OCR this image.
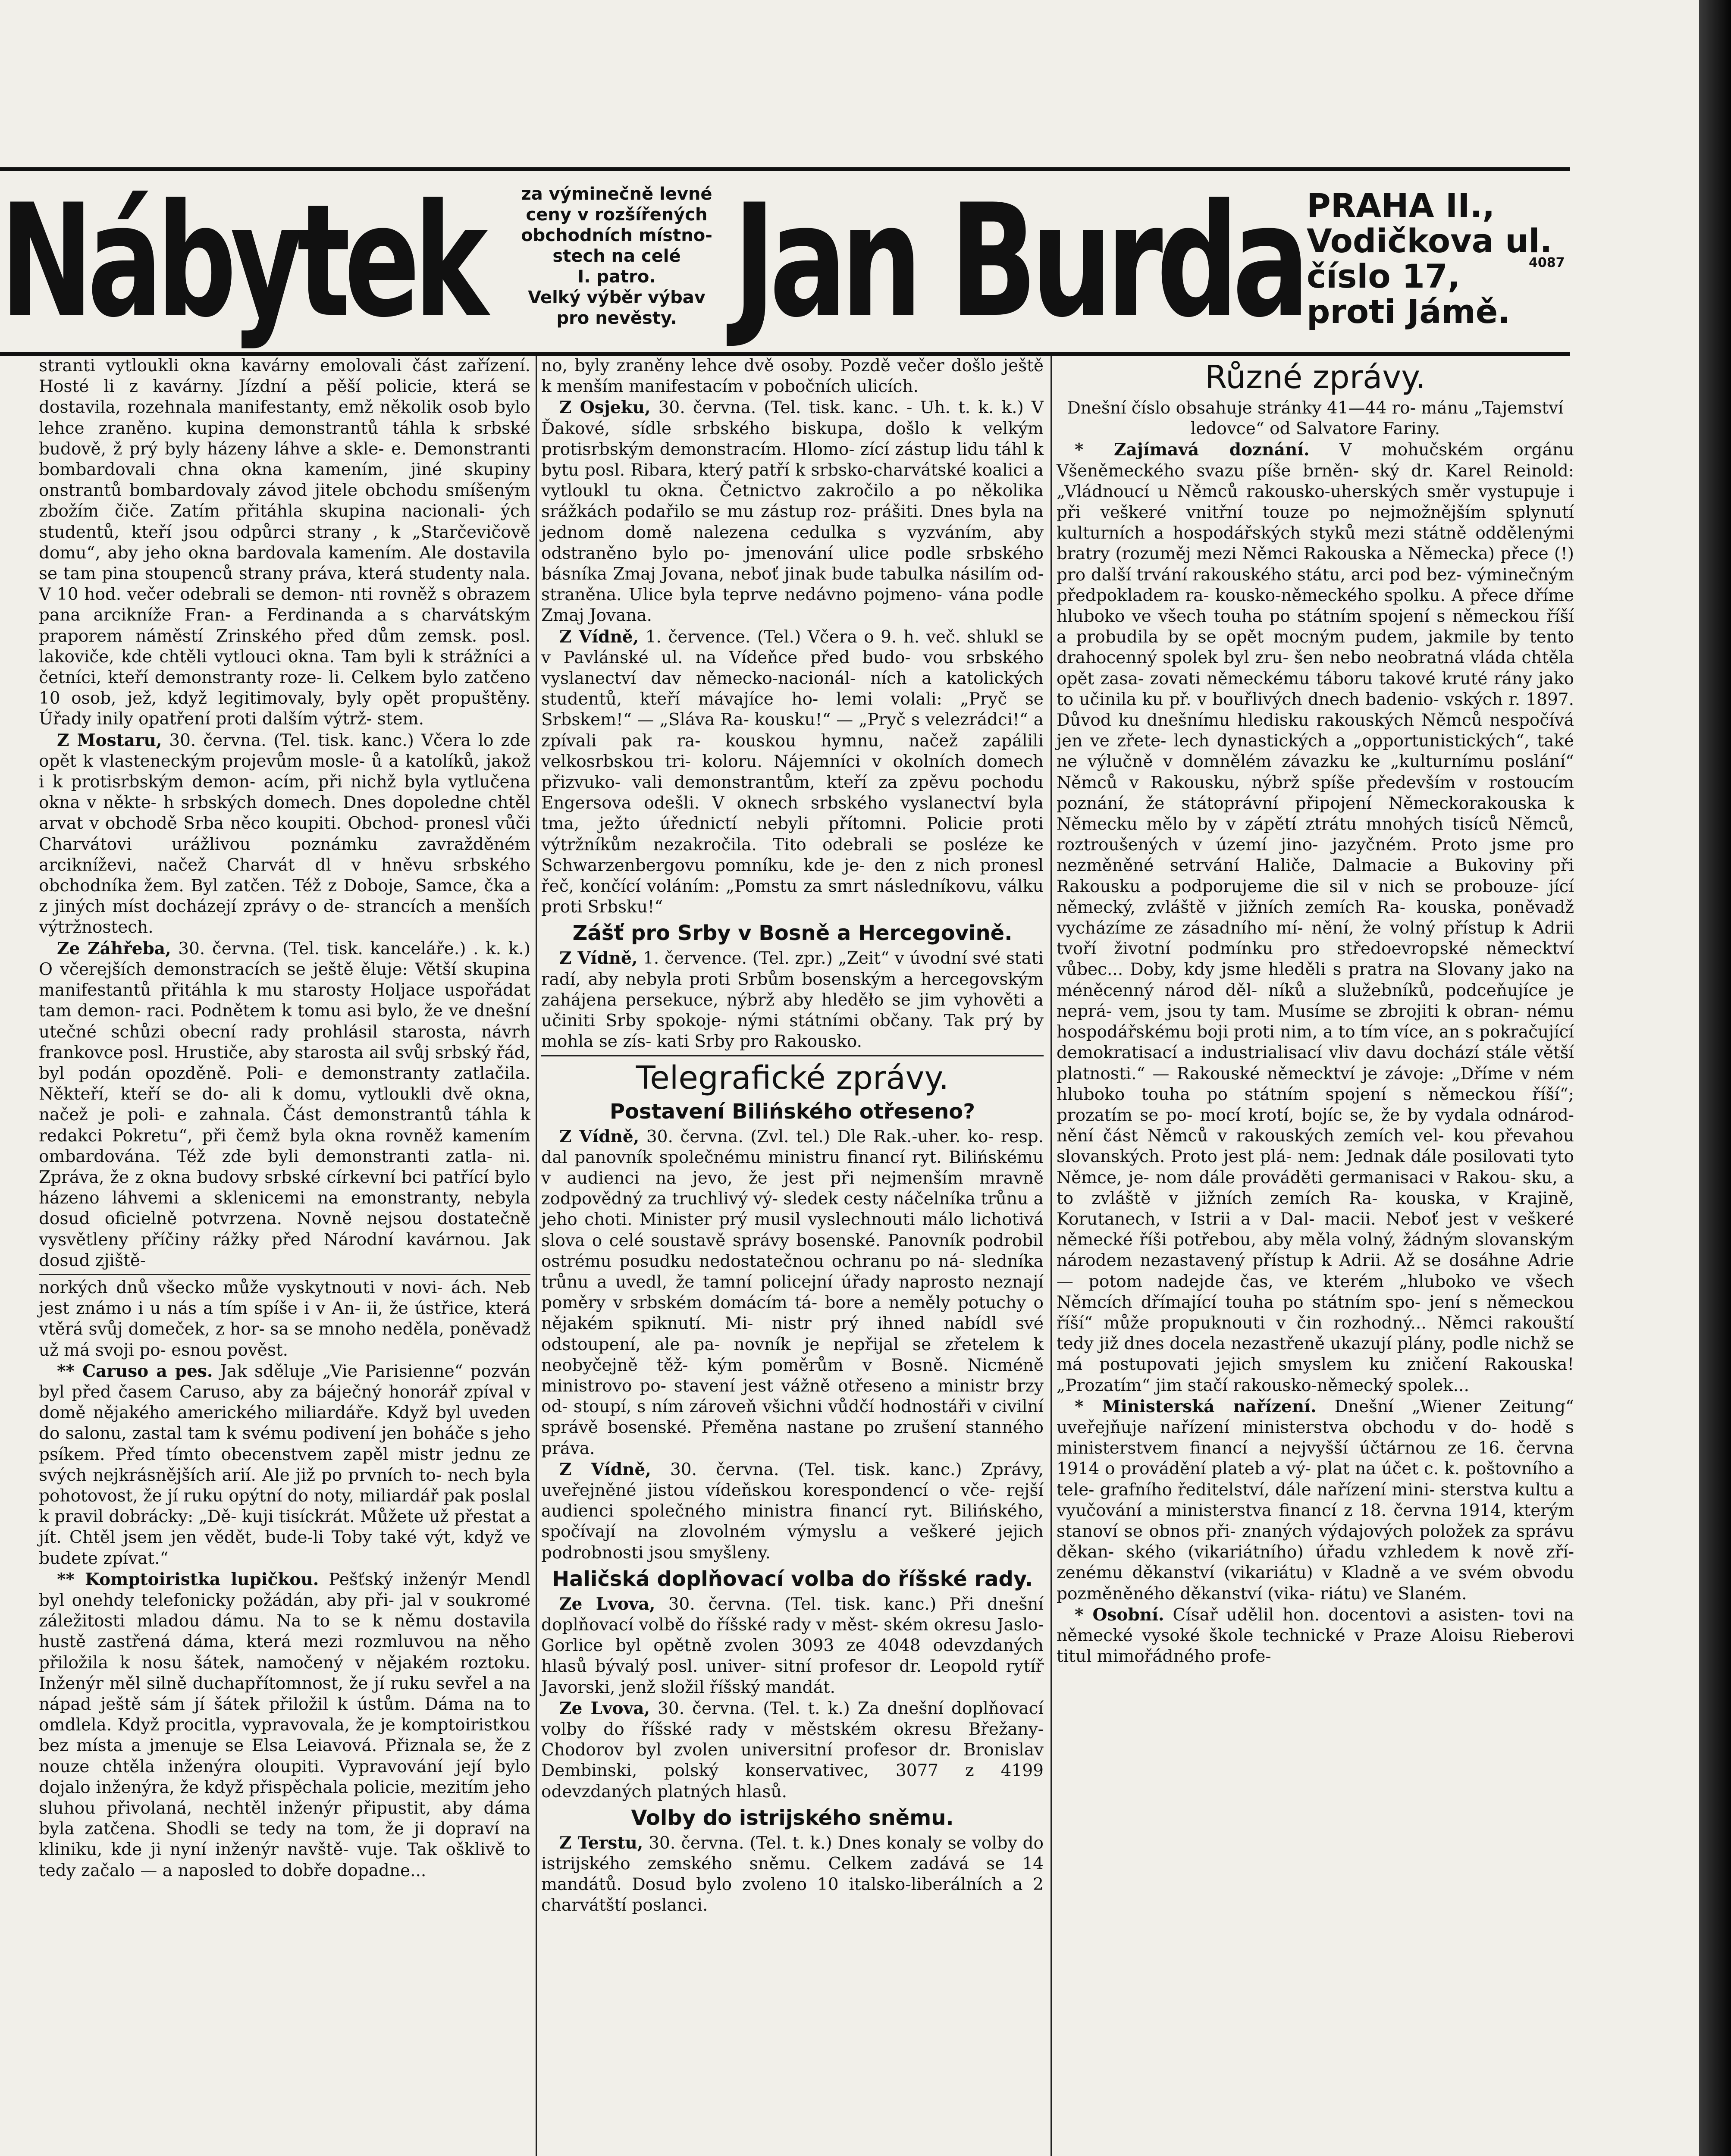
Nábytek	za výminečně levné
ceny v rozšířených
obchodních místno-
stech na celé
I. patro.
Velký výběr výbav
pro nevěsty. Jan Burda PRAHA II.,
Vodičkova ul.
číslo 17,
proti Jámě.
4087

stranti vytloukli okna kavárny emolovali část zařízení. Hosté li z kavárny. Jízdní a pěší policie, která se dostavila, rozehnala manifestanty, emž několik osob bylo lehce zraněno. kupina demonstrantů táhla k srbské budově, ž prý byly házeny láhve a skle- e. Demonstranti bombardovali chna okna kamením, jiné skupiny onstrantů bombardovaly závod jitele obchodu smíšeným zbožím čiče. Zatím přitáhla skupina nacionali- ých studentů, kteří jsou odpůrci strany , k „Starčevičově domu“, aby jeho okna bardovala kamením. Ale dostavila se tam pina stoupenců strany práva, která studenty nala. V 10 hod. večer odebrali se demon- nti rovněž s obrazem pana arcikníže Fran- a Ferdinanda a s charvátským praporem náměstí Zrinského před dům zemsk. posl. lakoviče, kde chtěli vytlouci okna. Tam byli k strážníci a četníci, kteří demonstranty roze- li. Celkem bylo zatčeno 10 osob, jež, když legitimovaly, byly opět propuštěny. Úřady inily opatření proti dalším výtrž- stem.

Z Mostaru, 30. června. (Tel. tisk. kanc.) Včera lo zde opět k vlasteneckým projevům mosle- ů a katolíků, jakož i k protisrbským demon- acím, při nichž byla vytlučena okna v někte- h srbských domech. Dnes dopoledne chtěl arvat v obchodě Srba něco koupiti. Obchod- pronesl vůči Charvátovi urážlivou poznámku zavražděném arcikníževi, načež Charvát dl v hněvu srbského obchodníka žem. Byl zatčen. Též z Doboje, Samce, čka a z jiných míst docházejí zprávy o de- strancích a menších výtržnostech.

Ze Záhřeba, 30. června. (Tel. tisk. kanceláře.) . k. k.) O včerejších demonstracích se ještě ěluje: Větší skupina manifestantů přitáhla k mu starosty Holjace uspořádat tam demon- raci. Podnětem k tomu asi bylo, že ve dnešní utečné schůzi obecní rady prohlásil starosta, návrh frankovce posl. Hrustiče, aby starosta ail svůj srbský řád, byl podán opozděně. Poli- e demonstranty zatlačila. Někteří, kteří se do- ali k domu, vytloukli dvě okna, načež je poli- e zahnala. Část demonstrantů táhla k redakci Pokretu“, při čemž byla okna rovněž kamením ombardována. Též zde byli demonstranti zatla- ni. Zpráva, že z okna budovy srbské církevní bci patřící bylo házeno láhvemi a sklenicemi na emonstranty, nebyla dosud oficielně potvrzena. Novně nejsou dostatečně vysvětleny příčiny rážky před Národní kavárnou. Jak dosud zjiště-

norkých dnů všecko může vyskytnouti v novi- ách. Neb jest známo i u nás a tím spíše i v An- ii, že ústřice, která vtěrá svůj domeček, z hor- sa se mnoho neděla, poněvadž už má svoji po- esnou pověst.

** Caruso a pes. Jak sděluje „Vie Parisienne“ pozván byl před časem Caruso, aby za báječný honorář zpíval v domě nějakého amerického miliardáře. Když byl uveden do salonu, zastal tam k svému podivení jen boháče s jeho psíkem. Před tímto obecenstvem zapěl mistr jednu ze svých nejkrásnějších arií. Ale již po prvních to- nech byla pohotovost, že jí ruku opýtní do noty, miliardář pak poslal k pravil dobrácky: „Dě- kuji tisíckrát. Můžete už přestat a jít. Chtěl jsem jen vědět, bude-li Toby také výt, když ve budete zpívat.“

** Komptoiristka lupičkou. Pešťský inženýr Mendl byl onehdy telefonicky požádán, aby při- jal v soukromé záležitosti mladou dámu. Na to se k němu dostavila hustě zastřená dáma, která mezi rozmluvou na něho přiložila k nosu šátek, namočený v nějakém roztoku. Inženýr měl silně duchapřítomnost, že jí ruku sevřel a na nápad ještě sám jí šátek přiložil k ústům. Dáma na to omdlela. Když procitla, vypravovala, že je komptoiristkou bez místa a jmenuje se Elsa Leiavová. Přiznala se, že z nouze chtěla inženýra oloupiti. Vypravování její bylo dojalo inženýra, že když přispěchala policie, mezitím jeho sluhou přivolaná, nechtěl inženýr připustit, aby dáma byla zatčena. Shodli se tedy na tom, že ji dopraví na kliniku, kde ji nyní inženýr navště- vuje. Tak ošklivě to tedy začalo — a naposled to dobře dopadne...

no, byly zraněny lehce dvě osoby. Pozdě večer došlo ještě k menším manifestacím v pobočních ulicích.

Z Osjeku, 30. června. (Tel. tisk. kanc. - Uh. t. k. k.) V Ďakové, sídle srbského biskupa, došlo k velkým protisrbským demonstracím. Hlomo- zící zástup lidu táhl k bytu posl. Ribara, který patří k srbsko-charvátské koalici a vytloukl tu okna. Četnictvo zakročilo a po několika srážkách podařilo se mu zástup roz- prášiti. Dnes byla na jednom domě nalezena cedulka s vyzváním, aby odstraněno bylo po- jmenování ulice podle srbského básníka Zmaj Jovana, neboť jinak bude tabulka násilím od- straněna. Ulice byla teprve nedávno pojmeno- vána podle Zmaj Jovana.

Z Vídně, 1. července. (Tel.) Včera o 9. h. več. shlukl se v Pavlánské ul. na Vídeňce před budo- vou srbského vyslanectví dav německo-nacionál- ních a katolických studentů, kteří mávajíce ho- lemi volali: „Pryč se Srbskem!“ — „Sláva Ra- kousku!“ — „Pryč s velezrádci!“ a zpívali pak ra- kouskou hymnu, načež zapálili velkosrbskou tri- koloru. Nájemníci v okolních domech přizvuko- vali demonstrantům, kteří za zpěvu pochodu Engersova odešli. V oknech srbského vyslanectví byla tma, ježto úřednictí nebyli přítomni. Policie proti výtržníkům nezakročila. Tito odebrali se posléze ke Schwarzenbergovu pomníku, kde je- den z nich pronesl řeč, končící voláním: „Pomstu za smrt následníkovu, válku proti Srbsku!“

Zášť pro Srby v Bosně a Hercegovině.

Z Vídně, 1. července. (Tel. zpr.) „Zeit“ v úvodní své stati radí, aby nebyla proti Srbům bosenským a hercegovským zahájena persekuce, nýbrž aby hleděło se jim vyhověti a učiniti Srby spokoje- nými státními občany. Tak prý by mohla se zís- kati Srby pro Rakousko.

Telegrafické zprávy.
Postavení Bilińského otřeseno?

Z Vídně, 30. června. (Zvl. tel.) Dle Rak.-uher. ko- resp. dal panovník společnému ministru financí ryt. Bilińskému v audienci na jevo, že jest při nejmenším mravně zodpovědný za truchlivý vý- sledek cesty náčelníka trůnu a jeho choti. Minister prý musil vyslechnouti málo lichotivá slova o celé soustavě správy bosenské. Panovník podrobil ostrému posudku nedostatečnou ochranu po ná- sledníka trůnu a uvedl, že tamní policejní úřady naprosto neznají poměry v srbském domácím tá- bore a neměly potuchy o nějakém spiknutí. Mi- nistr prý ihned nabídl své odstoupení, ale pa- novník je nepřijal se zřetelem k neobyčejně těž- kým poměrům v Bosně. Nicméně ministrovo po- stavení jest vážně otřeseno a ministr brzy od- stoupí, s ním zároveň všichni vůdčí hodnostáři v civilní správě bosenské. Přeměna nastane po zrušení stanného práva.

Z Vídně, 30. června. (Tel. tisk. kanc.) Zprávy, uveřejněné jistou vídeňskou korespondencí o vče- rejší audienci společného ministra financí ryt. Bilińského, spočívají na zlovolném výmyslu a veškeré jejich podrobnosti jsou smyšleny.

Haličská doplňovací volba do říšské rady.

Ze Lvova, 30. června. (Tel. tisk. kanc.) Při dnešní doplňovací volbě do říšské rady v měst- ském okresu Jaslo-Gorlice byl opětně zvolen 3093 ze 4048 odevzdaných hlasů bývalý posl. univer- sitní profesor dr. Leopold rytíř Javorski, jenž složil říšský mandát.

Ze Lvova, 30. června. (Tel. t. k.) Za dnešní doplňovací volby do říšské rady v městském okresu Břežany-Chodorov byl zvolen universitní profesor dr. Bronislav Dembinski, polský konservativec, 3077 z 4199 odevzdaných platných hlasů.

Volby do istrijského sněmu.

Z Terstu, 30. června. (Tel. t. k.) Dnes konaly se volby do istrijského zemského sněmu. Celkem zadává se 14 mandátů. Dosud bylo zvoleno 10 italsko-liberálních a 2 charvátští poslanci.

Různé zprávy.

Dnešní číslo obsahuje stránky 41—44 ro- mánu „Tajemství ledovce“ od Salvatore Fariny.

* Zajímavá doznání. V mohučském orgánu Všeněmeckého svazu píše brněn- ský dr. Karel Reinold: „Vládnoucí u Němců rakousko-uherských směr vystupuje i při veškeré vnitřní touze po nejmožnějším splynutí kulturních a hospodářských styků mezi státně oddělenými bratry (rozuměj mezi Němci Rakouska a Německa) přece (!) pro další trvání rakouského státu, arci pod bez- výminečným předpokladem ra- kousko-německého spolku. A přece dříme hluboko ve všech touha po státním spojení s německou říší a probudila by se opět mocným pudem, jakmile by tento drahocenný spolek byl zru- šen nebo neobratná vláda chtěla opět zasa- zovati německému táboru takové kruté rány jako to učinila ku př. v bouřlivých dnech badenio- vských r. 1897. Důvod ku dnešnímu hledisku rakouských Němců nespočívá jen ve zřete- lech dynastických a „opportunistických“, také ne výlučně v domnělém závazku ke „kulturnímu poslání“ Němců v Rakousku, nýbrž spíše především v rostoucím poznání, že státoprávní připojení Německorakouska k Německu mělo by v zápětí ztrátu mnohých tisíců Němců, roztroušených v území jino- jazyčném. Proto jsme pro nezměněné setrvání Haliče, Dalmacie a Bukoviny při Rakousku a podporujeme die sil v nich se probouze- jící německý, zvláště v jižních zemích Ra- kouska, poněvadž vycházíme ze zásadního mí- nění, že volný přístup k Adrii tvoří životní podmínku pro středoevropské německtví vůbec... Doby, kdy jsme hleděli s pratra na Slovany jako na méněcenný národ děl- níků a služebníků, podceňujíce je neprá- vem, jsou ty tam. Musíme se zbrojiti k obran- nému hospodářskému boji proti nim, a to tím více, an s pokračující demokratisací a industrialisací vliv davu dochází stále větší platnosti.“ — Rakouské německtví je závoje: „Dříme v ném hluboko touha po státním spojení s německou říší“; prozatím se po- mocí krotí, bojíc se, že by vydala odnárod- nění část Němců v rakouských zemích vel- kou převahou slovanských. Proto jest plá- nem: Jednak dále posilovati tyto Němce, je- nom dále prováděti germanisaci v Rakou- sku, a to zvláště v jižních zemích Ra- kouska, v Krajině, Korutanech, v Istrii a v Dal- macii. Neboť jest v veškeré německé říši potřebou, aby měla volný, žádným slovanským národem nezastavený přístup k Adrii. Až se dosáhne Adrie — potom nadejde čas, ve kterém „hluboko ve všech Němcích dřímající touha po státním spo- jení s německou říší“ může propuknouti v čin rozhodný... Němci rakouští tedy již dnes docela nezastřeně ukazují plány, podle nichž se má postupovati jejich smyslem ku zničení Rakouska! „Prozatím“ jim stačí rakousko-německý spolek...

* Ministerská nařízení. Dnešní „Wiener Zeitung“ uveřejňuje nařízení ministerstva obchodu v do- hodě s ministerstvem financí a nejvyšší účtárnou ze 16. června 1914 o provádění plateb a vý- plat na účet c. k. poštovního a tele- grafního ředitelství, dále nařízení mini- sterstva kultu a vyučování a ministerstva financí z 18. června 1914, kterým stanoví se obnos při- znaných výdajových položek za správu děkan- ského (vikariátního) úřadu vzhledem k nově zří- zenému děkanství (vikariátu) v Kladně a ve svém obvodu pozměněného děkanství (vika- riátu) ve Slaném.

* Osobní. Císař udělil hon. docentovi a asisten- tovi na německé vysoké škole technické v Praze Aloisu Rieberovi titul mimořádného profe-
